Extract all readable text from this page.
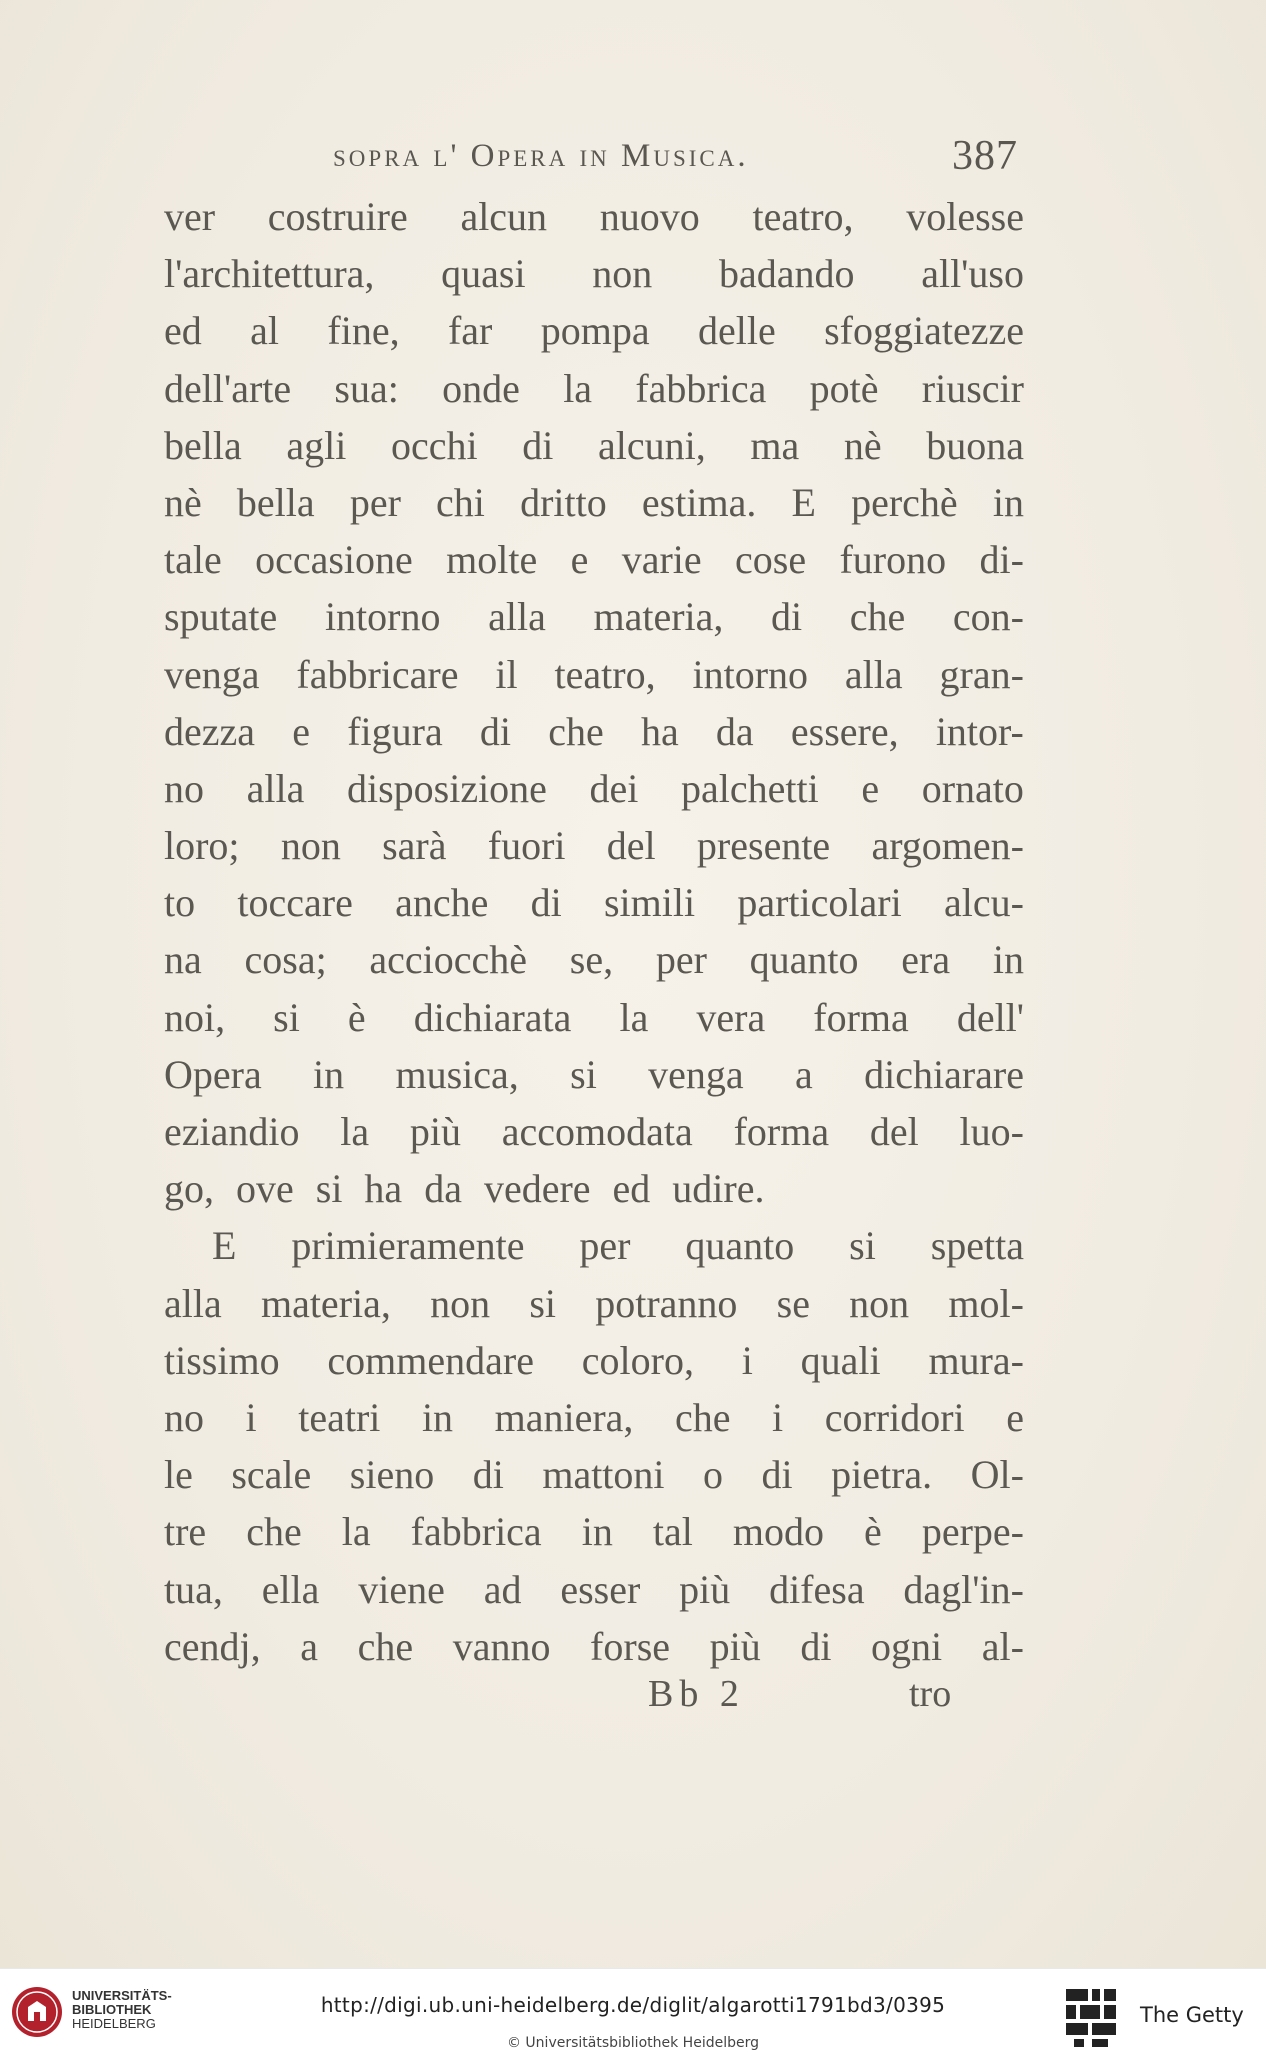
sopra l' Opera in Musica.	387
ver costruire alcun nuovo teatro, volesse
l'architettura, quasi non badando all'uso
ed al fine, far pompa delle sfoggiatezze
dell'arte sua: onde la fabbrica potè riuscir
bella agli occhi di alcuni, ma nè buona
nè bella per chi dritto estima. E perchè in
tale occasione molte e varie cose furono di-
sputate intorno alla materia, di che con-
venga fabbricare il teatro, intorno alla gran-
dezza e figura di che ha da essere, intor-
no alla disposizione dei palchetti e ornato
loro; non sarà fuori del presente argomen-
to toccare anche di simili particolari alcu-
na cosa; acciocchè se, per quanto era in
noi, si è dichiarata la vera forma dell'
Opera in musica, si venga a dichiarare
eziandio la più accomodata forma del luo-
go, ove si ha da vedere ed udire.
E primieramente per quanto si spetta
alla materia, non si potranno se non mol-
tissimo commendare coloro, i quali mura-
no i teatri in maniera, che i corridori e
le scale sieno di mattoni o di pietra. Ol-
tre che la fabbrica in tal modo è perpe-
tua, ella viene ad esser più difesa dagl'in-
cendj, a che vanno forse più di ogni al-
Bb 2	tro
UNIVERSITÄTS-
BIBLIOTHEK
HEIDELBERG
http://digi.ub.uni-heidelberg.de/diglit/algarotti1791bd3/0395
© Universitätsbibliothek Heidelberg
The Getty
